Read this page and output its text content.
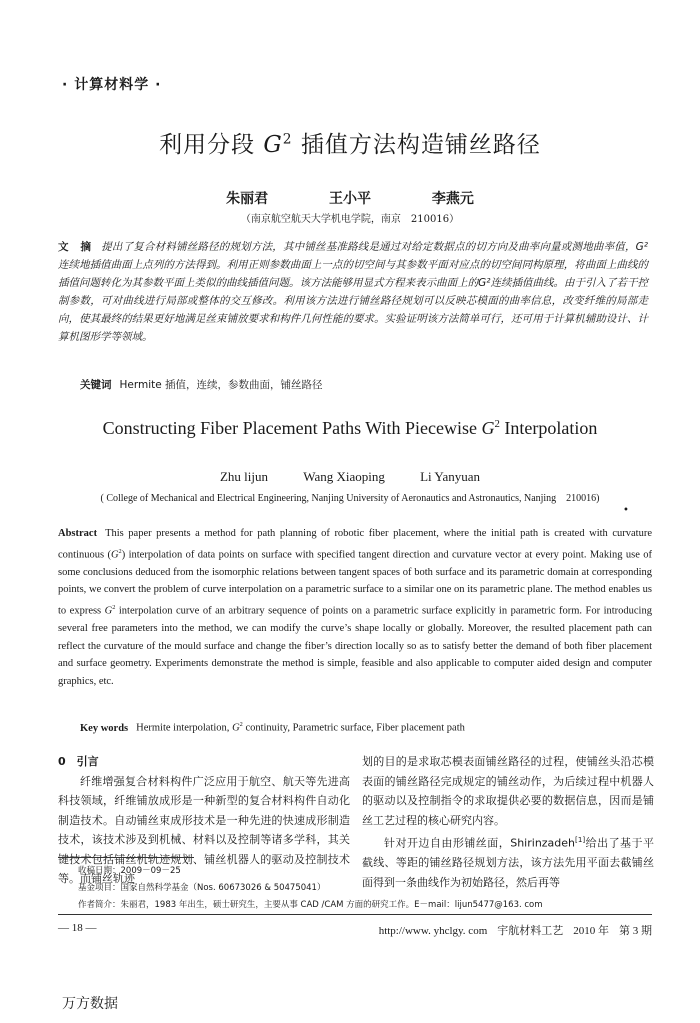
· 计算材料学 ·
利用分段 $G^2$ 插值方法构造铺丝路径
朱丽君	王小平	李燕元
（南京航空航天大学机电学院，南京　210016）
文 摘 提出了复合材料铺丝路径的规划方法，其中铺丝基准路线是通过对给定数据点的切方向及曲率向量或测地曲率值，G²连续地插值曲面上点列的方法得到。利用正则参数曲面上一点的切空间与其参数平面对应点的切空间同构原理，将曲面上曲线的插值问题转化为其参数平面上类似的曲线插值问题。该方法能够用显式方程来表示曲面上的G²连续插值曲线。由于引入了若干控制参数，可对曲线进行局部或整体的交互修改。利用该方法进行铺丝路径规划可以反映芯模面的曲率信息，改变纤维的局部走向，使其最终的结果更好地满足丝束铺放要求和构件几何性能的要求。实验证明该方法简单可行，还可用于计算机辅助设计、计算机图形学等领域。
关键词 Hermite 插值，连续，参数曲面，铺丝路径
Constructing Fiber Placement Paths With Piecewise $G^2$ Interpolation
Zhu lijun	Wang Xiaoping	Li Yanyuan
( College of Mechanical and Electrical Engineering, Nanjing University of Aeronautics and Astronautics, Nanjing　210016)
•
Abstract This paper presents a method for path planning of robotic fiber placement, where the initial path is created with curvature continuous $(G^2)$ interpolation of data points on surface with specified tangent direction and curvature vector at every point. Making use of some conclusions deduced from the isomorphic relations between tangent spaces of both surface and its parametric domain at corresponding points, we convert the problem of curve interpolation on a parametric surface to a similar one on its parametric plane. The method enables us to express $G^2$ interpolation curve of an arbitrary sequence of points on a parametric surface explicitly in parametric form. For introducing several free parameters into the method, we can modify the curve’s shape locally or globally. Moreover, the resulted placement path can reflect the curvature of the mould surface and change the fiber’s direction locally so as to satisfy better the demand of both fiber placement and surface geometry. Experiments demonstrate the method is simple, feasible and also applicable to computer aided design and computer graphics, etc.
Key words Hermite interpolation, $G^2$ continuity, Parametric surface, Fiber placement path
0　引言

纤维增强复合材料构件广泛应用于航空、航天等先进高科技领域，纤维铺放成形是一种新型的复合材料构件自动化制造技术。自动铺丝束成形技术是一种先进的快速成形制造技术，该技术涉及到机械、材料以及控制等诸多学科，其关键技术包括铺丝机轨迹规划、铺丝机器人的驱动及控制技术等。而铺丝轨迹

划的目的是求取芯模表面铺丝路径的过程，使铺丝头沿芯模表面的铺丝路径完成规定的铺丝动作，为后续过程中机器人的驱动以及控制指令的求取提供必要的数据信息，因而是铺丝工艺过程的核心研究内容。

针对开边自由形铺丝面，Shirinzadeh[1]给出了基于平截线、等距的铺丝路径规划方法，该方法先用平面去截铺丝面得到一条曲线作为初始路径，然后再等

收稿日期：2009－09－25
基金项目：国家自然科学基金（Nos. 60673026 & 50475041）
作者简介：朱丽君，1983 年出生，硕士研究生，主要从事 CAD /CAM 方面的研究工作。E－mail：lijun5477@163. com
— 18 —	http://www. yhclgy. com 宇航材料工艺 2010 年 第 3 期
万方数据
